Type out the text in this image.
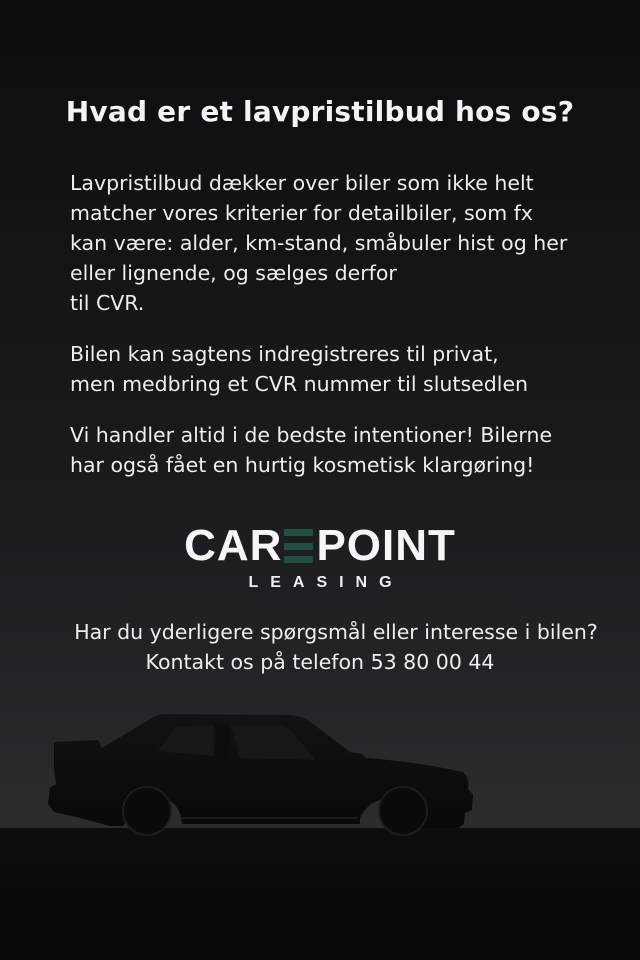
Hvad er et lavpristilbud hos os?

Lavpristilbud dækker over biler som ikke helt
matcher vores kriterier for detailbiler, som fx
kan være: alder, km-stand, småbuler hist og her
eller lignende, og sælges derfor
til CVR.

Bilen kan sagtens indregistreres til privat,
men medbring et CVR nummer til slutsedlen

Vi handler altid i de bedste intentioner! Bilerne
har også fået en hurtig kosmetisk klargøring!

CAR POINT
LEASING
Har du yderligere spørgsmål eller interesse i bilen?
Kontakt os på telefon 53 80 00 44
